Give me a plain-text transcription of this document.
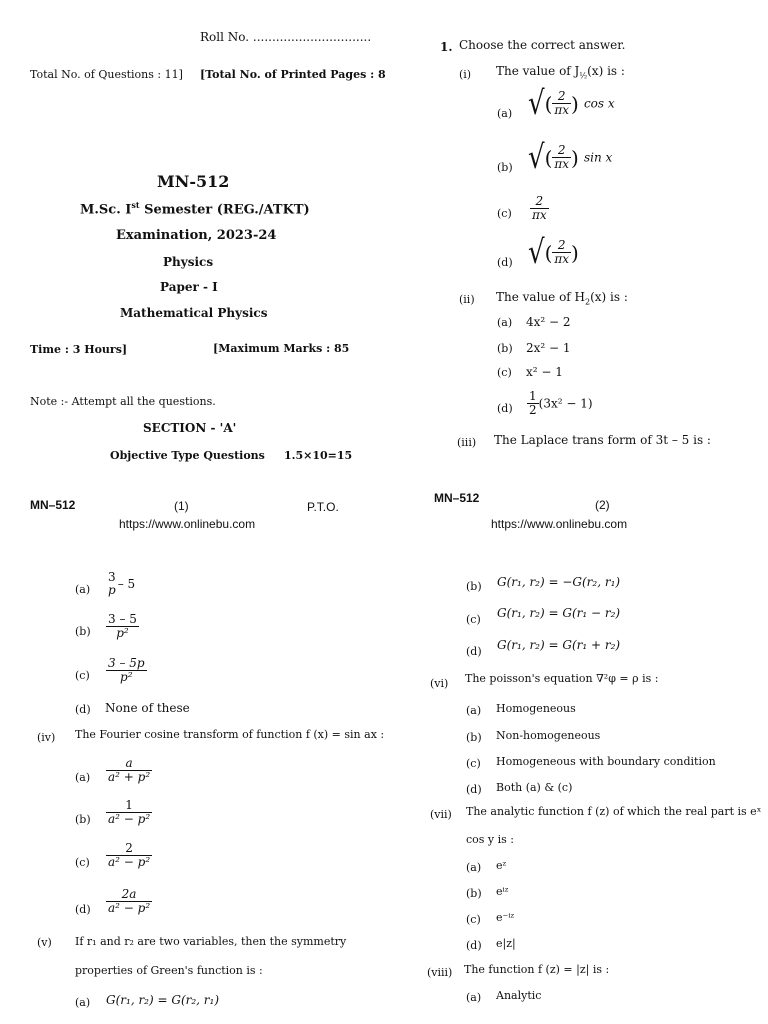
Roll No. ...............................
Total No. of Questions : 11] [Total No. of Printed Pages : 8
MN-512
M.Sc. Ist Semester (REG./ATKT)
Examination, 2023-24
Physics
Paper - I
Mathematical Physics
Time : 3 Hours]	[Maximum Marks : 85
Note :- Attempt all the questions.
SECTION - 'A'
Objective Type Questions 1.5×10=15
MN–512	(1)	P.T.O.
https://www.onlinebu.com
1. Choose the correct answer.
(i) The value of $J_{\frac{1}{2}}(x)$ is :
(a) √( $\frac{2}{\pi x}$ ) cos x
(b) √( $\frac{2}{\pi x}$ ) sin x
$(c) \frac{2}{\pi x}$
(d) √( $\frac{2}{\pi x}$ )
(ii) The value of $H_2(x)$ is :
(a) 4x² − 2
(b) 2x² − 1
(c) x² − 1
$(d) \frac{1}{2} (3x^2 - 1)$
(iii) The Laplace trans form of 3t – 5 is :
MN–512	(2)
https://www.onlinebu.com
(a)
3
p – 5
$(b) \frac{3 - 5}{\text{p²}}$
$(c) \frac{3 - 5p}{\text{p²}}$
(d) None of these
(iv) The Fourier cosine transform of function f (x) = sin ax :
$(a) \frac{a}{\text{a² + p²}}$
$(b) \frac{1}{\text{a² − p²}}$
$(c) \frac{2}{\text{a² − p²}}$
$(d) \frac{2a}{\text{a² − p²}}$
(v) If r₁ and r₂ are two variables, then the symmetry
properties of Green's function is :
(a) G(r₁, r₂) = G(r₂, r₁)
(b) G(r₁, r₂) = −G(r₂, r₁)
(c) G(r₁, r₂) = G(r₁ − r₂)
(d) G(r₁, r₂) = G(r₁ + r₂)
(vi) The poisson's equation ∇²φ = ρ is :
(a) Homogeneous
(b) Non-homogeneous
(c) Homogeneous with boundary condition
(d) Both (a) & (c)
(vii) The analytic function f (z) of which the real part is eˣ
cos y is :
(a) eᶻ
(b) eⁱᶻ
(c) e⁻ⁱᶻ
(d) e|z|
(viii) The function f (z) = |z| is :
(a) Analytic
